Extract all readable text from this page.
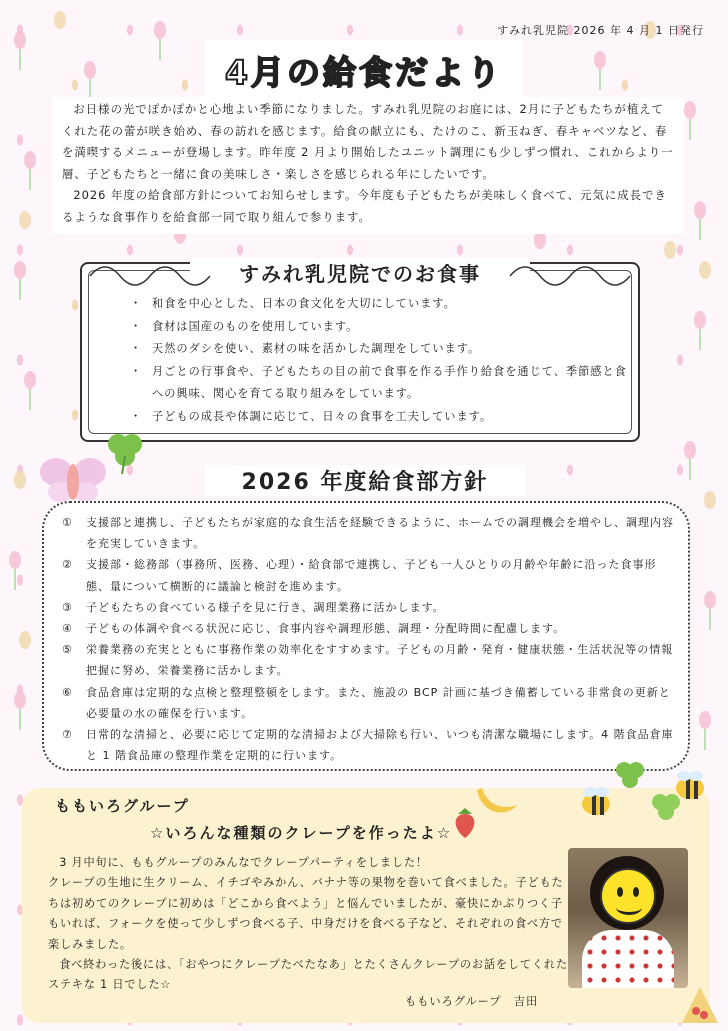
すみれ乳児院 2026 年 4 月 1 日発行
4月の給食だより

お日様の光でぽかぽかと心地よい季節になりました。すみれ乳児院のお庭には、2月に子どもたちが植えてくれた花の蕾が咲き始め、春の訪れを感じます。給食の献立にも、たけのこ、新玉ねぎ、春キャベツなど、春を満喫するメニューが登場します。昨年度 2 月より開始したユニット調理にも少しずつ慣れ、これからより一層、子どもたちと一緒に食の美味しさ・楽しさを感じられる年にしたいです。

2026 年度の給食部方針についてお知らせします。今年度も子どもたちが美味しく食べて、元気に成長できるような食事作りを給食部一同で取り組んで参ります。

すみれ乳児院でのお食事
・ 和食を中心とした、日本の食文化を大切にしています。
・ 食材は国産のものを使用しています。
・ 天然のダシを使い、素材の味を活かした調理をしています。
・ 月ごとの行事食や、子どもたちの目の前で食事を作る手作り給食を通じて、季節感と食への興味、関心を育てる取り組みをしています。
・ 子どもの成長や体調に応じて、日々の食事を工夫しています。
2026 年度給食部方針
① 支援部と連携し、子どもたちが家庭的な食生活を経験できるように、ホームでの調理機会を増やし、調理内容を充実していきます。
② 支援部・総務部（事務所、医務、心理）・給食部で連携し、子ども一人ひとりの月齢や年齢に沿った食事形態、量について横断的に議論と検討を進めます。
③ 子どもたちの食べている様子を見に行き、調理業務に活かします。
④ 子どもの体調や食べる状況に応じ、食事内容や調理形態、調理・分配時間に配慮します。
⑤ 栄養業務の充実とともに事務作業の効率化をすすめます。子どもの月齢・発育・健康状態・生活状況等の情報把握に努め、栄養業務に活かします。
⑥ 食品倉庫は定期的な点検と整理整頓をします。また、施設の BCP 計画に基づき備蓄している非常食の更新と必要量の水の確保を行います。
⑦ 日常的な清掃と、必要に応じて定期的な清掃および大掃除も行い、いつも清潔な職場にします。4 階食品倉庫と 1 階食品庫の整理作業を定期的に行います。
ももいろグループ
☆いろんな種類のクレープを作ったよ☆

3 月中旬に、ももグループのみんなでクレープパーティをしました！

クレープの生地に生クリーム、イチゴやみかん、バナナ等の果物を巻いて食べました。子どもたちは初めてのクレープに初めは「どこから食べよう」と悩んでいましたが、豪快にかぶりつく子もいれば、フォークを使って少しずつ食べる子、中身だけを食べる子など、それぞれの食べ方で楽しみました。

食べ終わった後には、「おやつにクレープたべたなあ」とたくさんクレープのお話をしてくれたステキな 1 日でした☆

ももいろグループ　吉田
